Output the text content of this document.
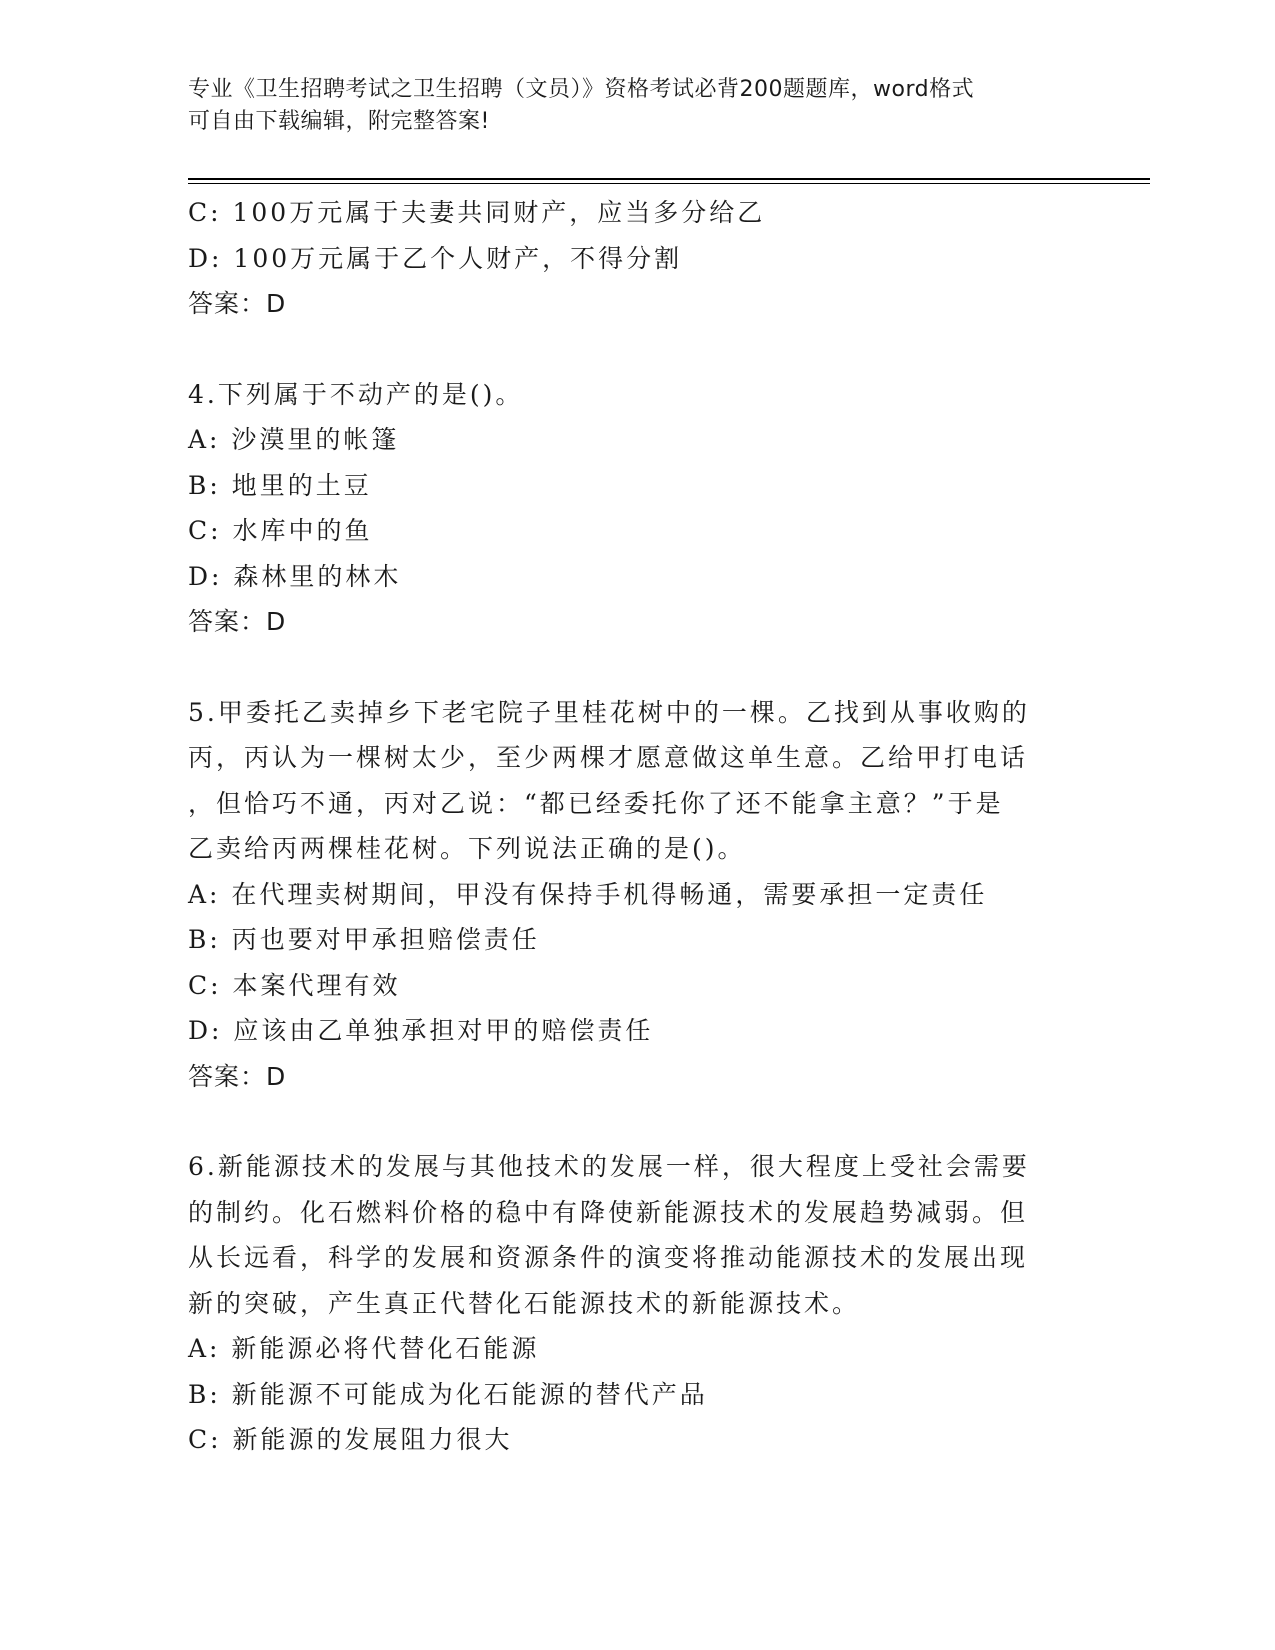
专业《卫生招聘考试之卫生招聘（文员）》资格考试必背200题题库，word格式
可自由下载编辑，附完整答案!
C: 100万元属于夫妻共同财产，应当多分给乙
D: 100万元属于乙个人财产，不得分割
答案：D
4.下列属于不动产的是()。
A: 沙漠里的帐篷
B: 地里的土豆
C: 水库中的鱼
D: 森林里的林木
答案：D
5.甲委托乙卖掉乡下老宅院子里桂花树中的一棵。乙找到从事收购的
丙，丙认为一棵树太少，至少两棵才愿意做这单生意。乙给甲打电话
，但恰巧不通，丙对乙说：“都已经委托你了还不能拿主意？”于是
乙卖给丙两棵桂花树。下列说法正确的是()。
A: 在代理卖树期间，甲没有保持手机得畅通，需要承担一定责任
B: 丙也要对甲承担赔偿责任
C: 本案代理有效
D: 应该由乙单独承担对甲的赔偿责任
答案：D
6.新能源技术的发展与其他技术的发展一样，很大程度上受社会需要
的制约。化石燃料价格的稳中有降使新能源技术的发展趋势减弱。但
从长远看，科学的发展和资源条件的演变将推动能源技术的发展出现
新的突破，产生真正代替化石能源技术的新能源技术。
A: 新能源必将代替化石能源
B: 新能源不可能成为化石能源的替代产品
C: 新能源的发展阻力很大
